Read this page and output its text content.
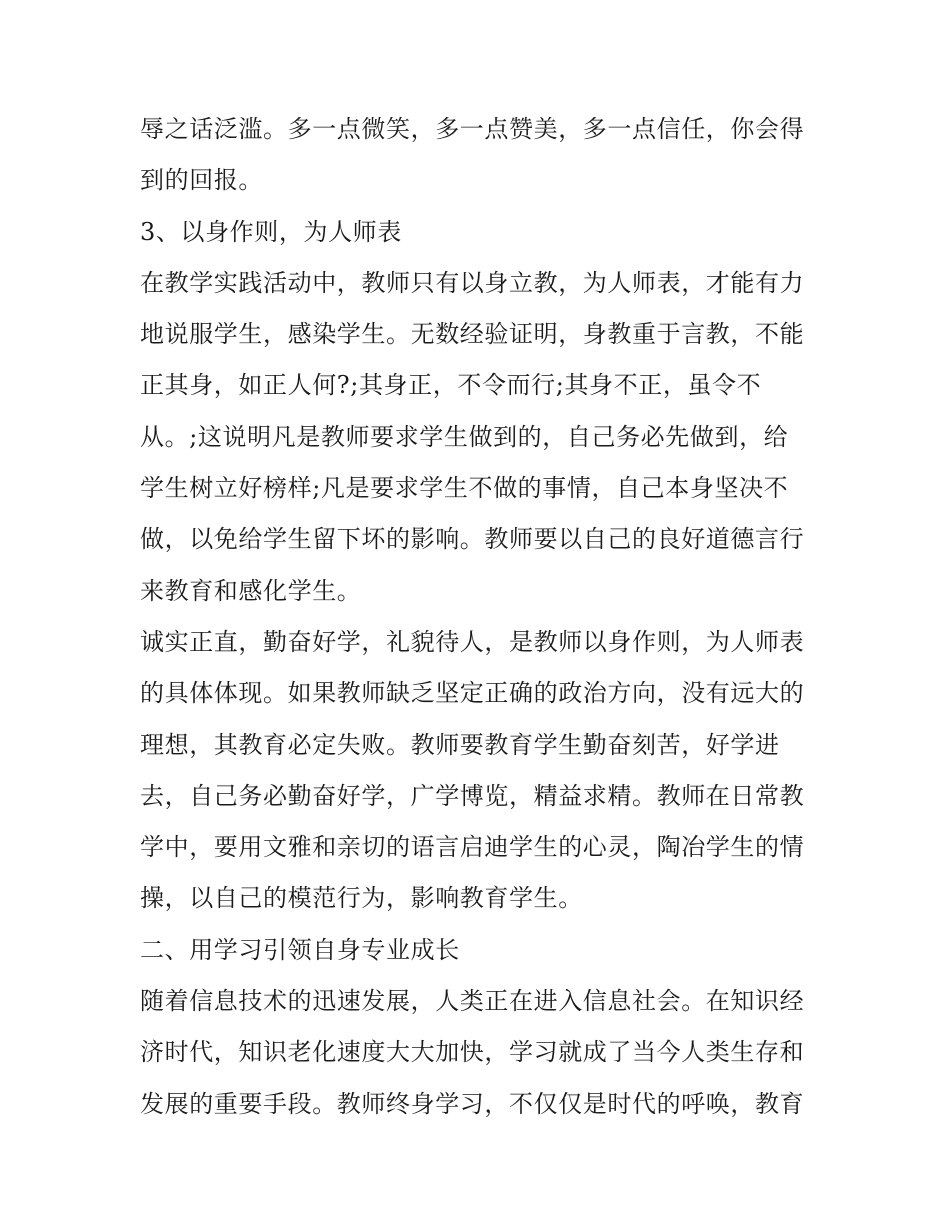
辱之话泛滥。多一点微笑，多一点赞美，多一点信任，你会得
到的回报。
3、以身作则，为人师表
在教学实践活动中，教师只有以身立教，为人师表，才能有力
地说服学生，感染学生。无数经验证明，身教重于言教，不能
正其身，如正人何?;其身正，不令而行;其身不正，虽令不
从。;这说明凡是教师要求学生做到的，自己务必先做到，给
学生树立好榜样;凡是要求学生不做的事情，自己本身坚决不
做，以免给学生留下坏的影响。教师要以自己的良好道德言行
来教育和感化学生。
诚实正直，勤奋好学，礼貌待人，是教师以身作则，为人师表
的具体体现。如果教师缺乏坚定正确的政治方向，没有远大的
理想，其教育必定失败。教师要教育学生勤奋刻苦，好学进
去，自己务必勤奋好学，广学博览，精益求精。教师在日常教
学中，要用文雅和亲切的语言启迪学生的心灵，陶冶学生的情
操，以自己的模范行为，影响教育学生。
二、用学习引领自身专业成长
随着信息技术的迅速发展，人类正在进入信息社会。在知识经
济时代，知识老化速度大大加快，学习就成了当今人类生存和
发展的重要手段。教师终身学习，不仅仅是时代的呼唤，教育
